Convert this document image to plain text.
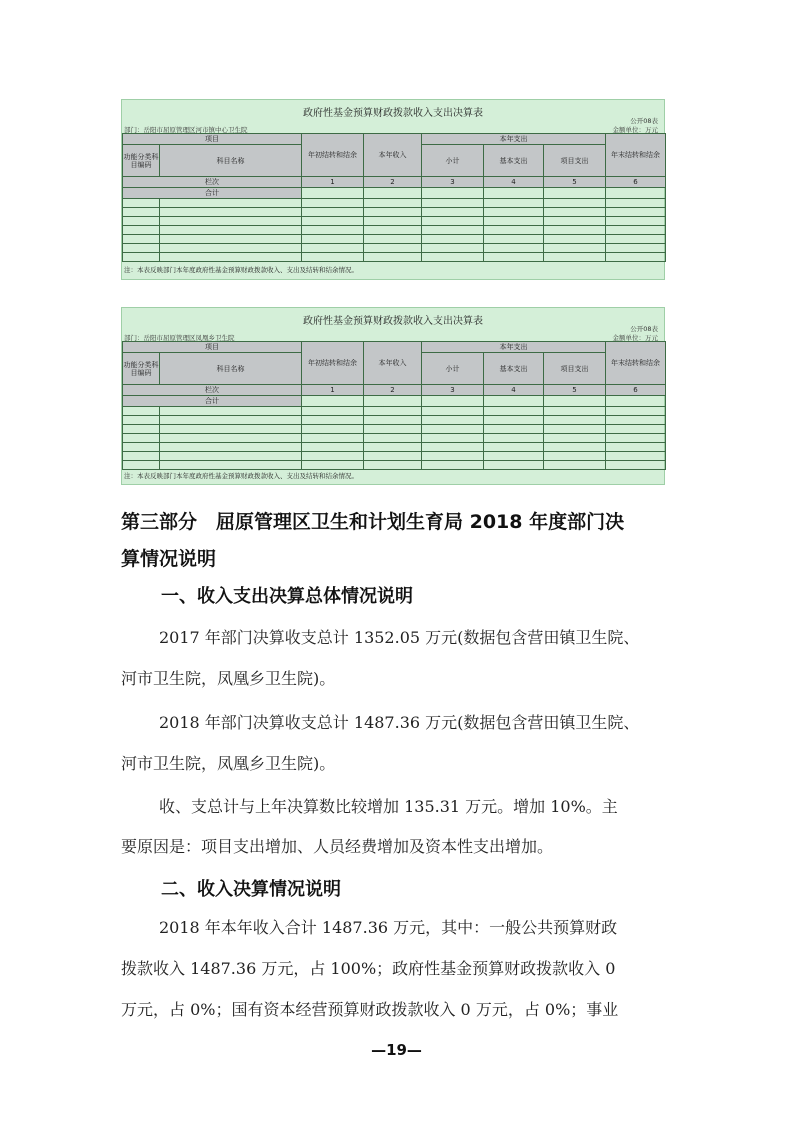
政府性基金预算财政拨款收入支出决算表
公开08表
部门：岳阳市屈原管理区河市镇中心卫生院	金额单位：万元
项目		年初结转和结余	本年收入	本年支出			年末结转和结余
功能分类科目编码	科目名称			小计	基本支出	项目支出	
栏次		1	2	3	4	5	6
合计							

注：本表反映部门本年度政府性基金预算财政拨款收入、支出及结转和结余情况。
政府性基金预算财政拨款收入支出决算表
公开08表
部门：岳阳市屈原管理区凤凰乡卫生院	金额单位：万元
项目		年初结转和结余	本年收入	本年支出			年末结转和结余
功能分类科目编码	科目名称			小计	基本支出	项目支出	
栏次		1	2	3	4	5	6
合计							

注：本表反映部门本年度政府性基金预算财政拨款收入、支出及结转和结余情况。
第三部分　屈原管理区卫生和计划生育局 2018 年度部门决
算情况说明
一、收入支出决算总体情况说明
2017 年部门决算收支总计 1352.05 万元(数据包含营田镇卫生院、
河市卫生院，凤凰乡卫生院)。
2018 年部门决算收支总计 1487.36 万元(数据包含营田镇卫生院、
河市卫生院，凤凰乡卫生院)。
收、支总计与上年决算数比较增加 135.31 万元。增加 10%。主
要原因是：项目支出增加、人员经费增加及资本性支出增加。
二、收入决算情况说明
2018 年本年收入合计 1487.36 万元，其中：一般公共预算财政
拨款收入 1487.36 万元，占 100%；政府性基金预算财政拨款收入 0
万元，占 0%；国有资本经营预算财政拨款收入 0 万元，占 0%；事业
—19—
